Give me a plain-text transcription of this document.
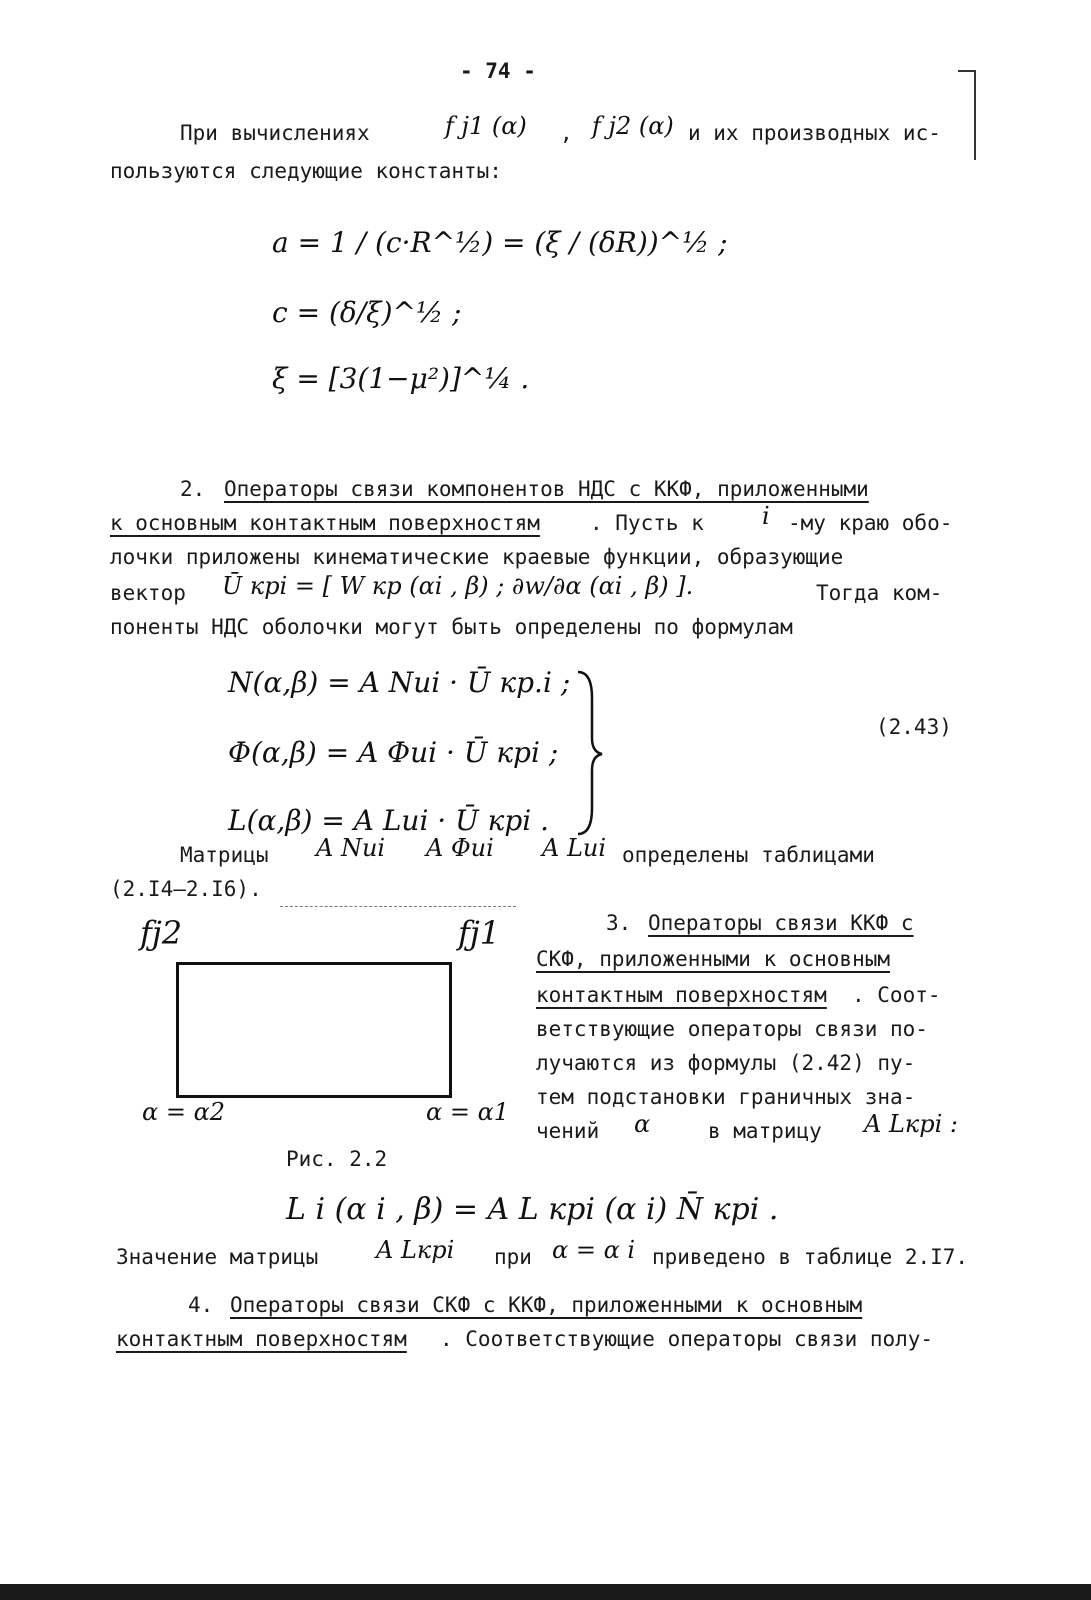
- 74 -
При вычислениях	f j1 (α) , f j2 (α) и их производных ис-
пользуются следующие константы:
a = 1 / (c·R^½) = (ξ / (δR))^½ ;
c = (δ/ξ)^½ ;
ξ = [3(1−μ²)]^¼ .
2. Операторы связи компонентов НДС с ККФ, приложенными
к основным контактным поверхностям . Пусть к i -му краю обо-
лочки приложены кинематические краевые функции, образующие
вектор Ū кpi = [ W кp (αi , β) ; ∂w/∂α (αi , β) ].	Тогда ком-
поненты НДС оболочки могут быть определены по формулам
N(α,β) = A Nui · Ū кp.i ;
Φ(α,β) = A Φui · Ū кpi ;
L(α,β) = A Lui · Ū кpi .
(2.43)
Матрицы A Nui A Φui A Lui определены таблицами
(2.I4–2.I6).
fj2	fj1
α = α2	α = α1
Рис. 2.2
3. Операторы связи ККФ с
СКФ, приложенными к основным
контактным поверхностям . Соот-
ветствующие операторы связи по-
лучаются из формулы (2.42) пу-
тем подстановки граничных зна-
чений α	в матрицу A Lкpi :
L i (α i , β) = A L кpi (α i) N̄ кpi .
Значение матрицы A Lкpi при α = α i приведено в таблице 2.I7.
4. Операторы связи СКФ с ККФ, приложенными к основным
контактным поверхностям . Соответствующие операторы связи полу-
